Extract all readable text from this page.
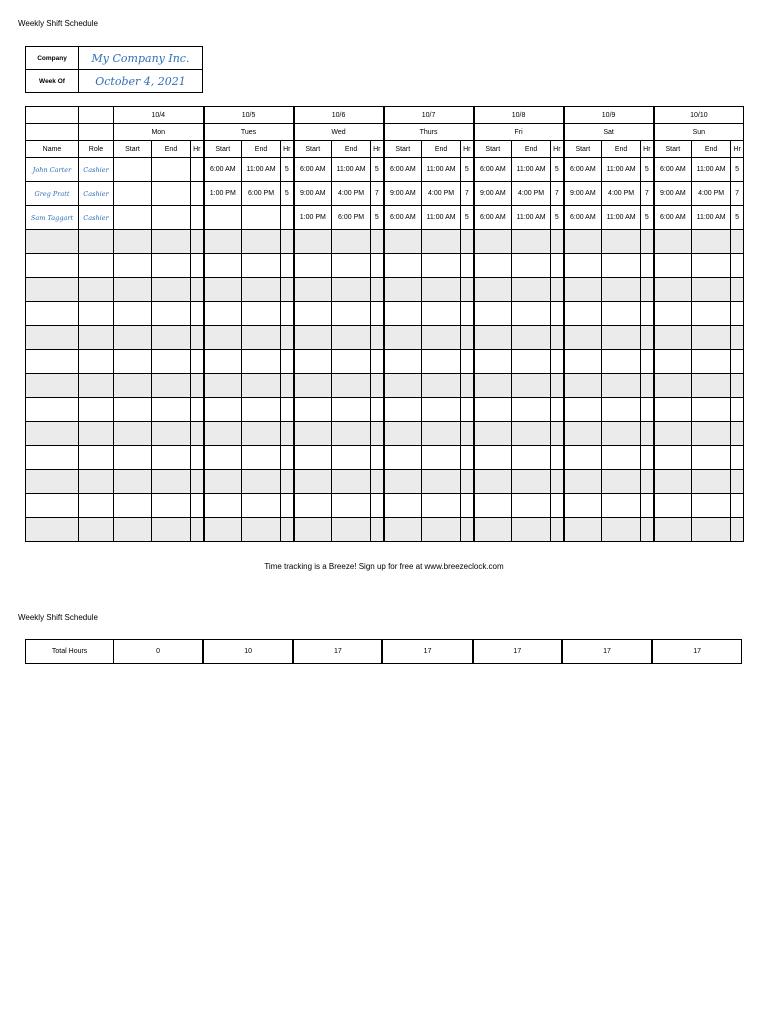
Weekly Shift Schedule
Company	My Company Inc.
Week Of	October 4, 2021
		10/4			10/5			10/6			10/7			10/8			10/9			10/10		
		Mon			Tues			Wed			Thurs			Fri			Sat			Sun		
Name	Role	Start	End	Hr	Start	End	Hr	Start	End	Hr	Start	End	Hr	Start	End	Hr	Start	End	Hr	Start	End	Hr
John Carter	Cashier				6:00 AM	11:00 AM	5	6:00 AM	11:00 AM	5	6:00 AM	11:00 AM	5	6:00 AM	11:00 AM	5	6:00 AM	11:00 AM	5	6:00 AM	11:00 AM	5
Greg Pratt	Cashier				1:00 PM	6:00 PM	5	9:00 AM	4:00 PM	7	9:00 AM	4:00 PM	7	9:00 AM	4:00 PM	7	9:00 AM	4:00 PM	7	9:00 AM	4:00 PM	7
Sam Taggart	Cashier							1:00 PM	6:00 PM	5	6:00 AM	11:00 AM	5	6:00 AM	11:00 AM	5	6:00 AM	11:00 AM	5	6:00 AM	11:00 AM	5

Time tracking is a Breeze! Sign up for free at www.breezeclock.com
Weekly Shift Schedule
Total Hours	0	10	17	17	17	17	17
